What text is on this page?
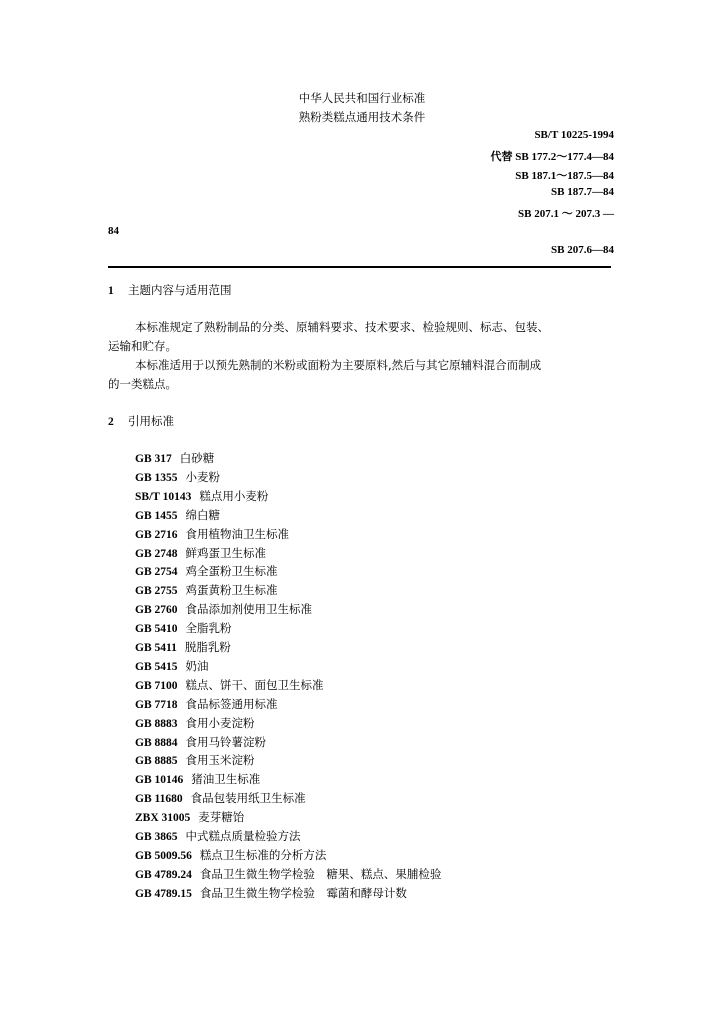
中华人民共和国行业标准
熟粉类糕点通用技术条件
SB/T 10225-1994
代替 SB 177.2～177.4—84
SB 187.1～187.5—84
SB 187.7—84
SB 207.1 ～ 207.3 —
84
SB 207.6—84
1 主题内容与适用范围
本标准规定了熟粉制品的分类、原辅料要求、技术要求、检验规则、标志、包装、
运输和贮存。
本标准适用于以预先熟制的米粉或面粉为主要原料,然后与其它原辅料混合而制成
的一类糕点。
2 引用标准
GB 317 白砂糖
GB 1355 小麦粉
SB/T 10143 糕点用小麦粉
GB 1455 绵白糖
GB 2716 食用植物油卫生标准
GB 2748 鲜鸡蛋卫生标准
GB 2754 鸡全蛋粉卫生标准
GB 2755 鸡蛋黄粉卫生标准
GB 2760 食品添加剂使用卫生标准
GB 5410 全脂乳粉
GB 5411 脱脂乳粉
GB 5415 奶油
GB 7100 糕点、饼干、面包卫生标准
GB 7718 食品标签通用标准
GB 8883 食用小麦淀粉
GB 8884 食用马铃薯淀粉
GB 8885 食用玉米淀粉
GB 10146 猪油卫生标准
GB 11680 食品包装用纸卫生标准
ZBX 31005 麦芽糖饴
GB 3865 中式糕点质量检验方法
GB 5009.56 糕点卫生标准的分析方法
GB 4789.24 食品卫生微生物学检验　糖果、糕点、果脯检验
GB 4789.15 食品卫生微生物学检验　霉菌和酵母计数
